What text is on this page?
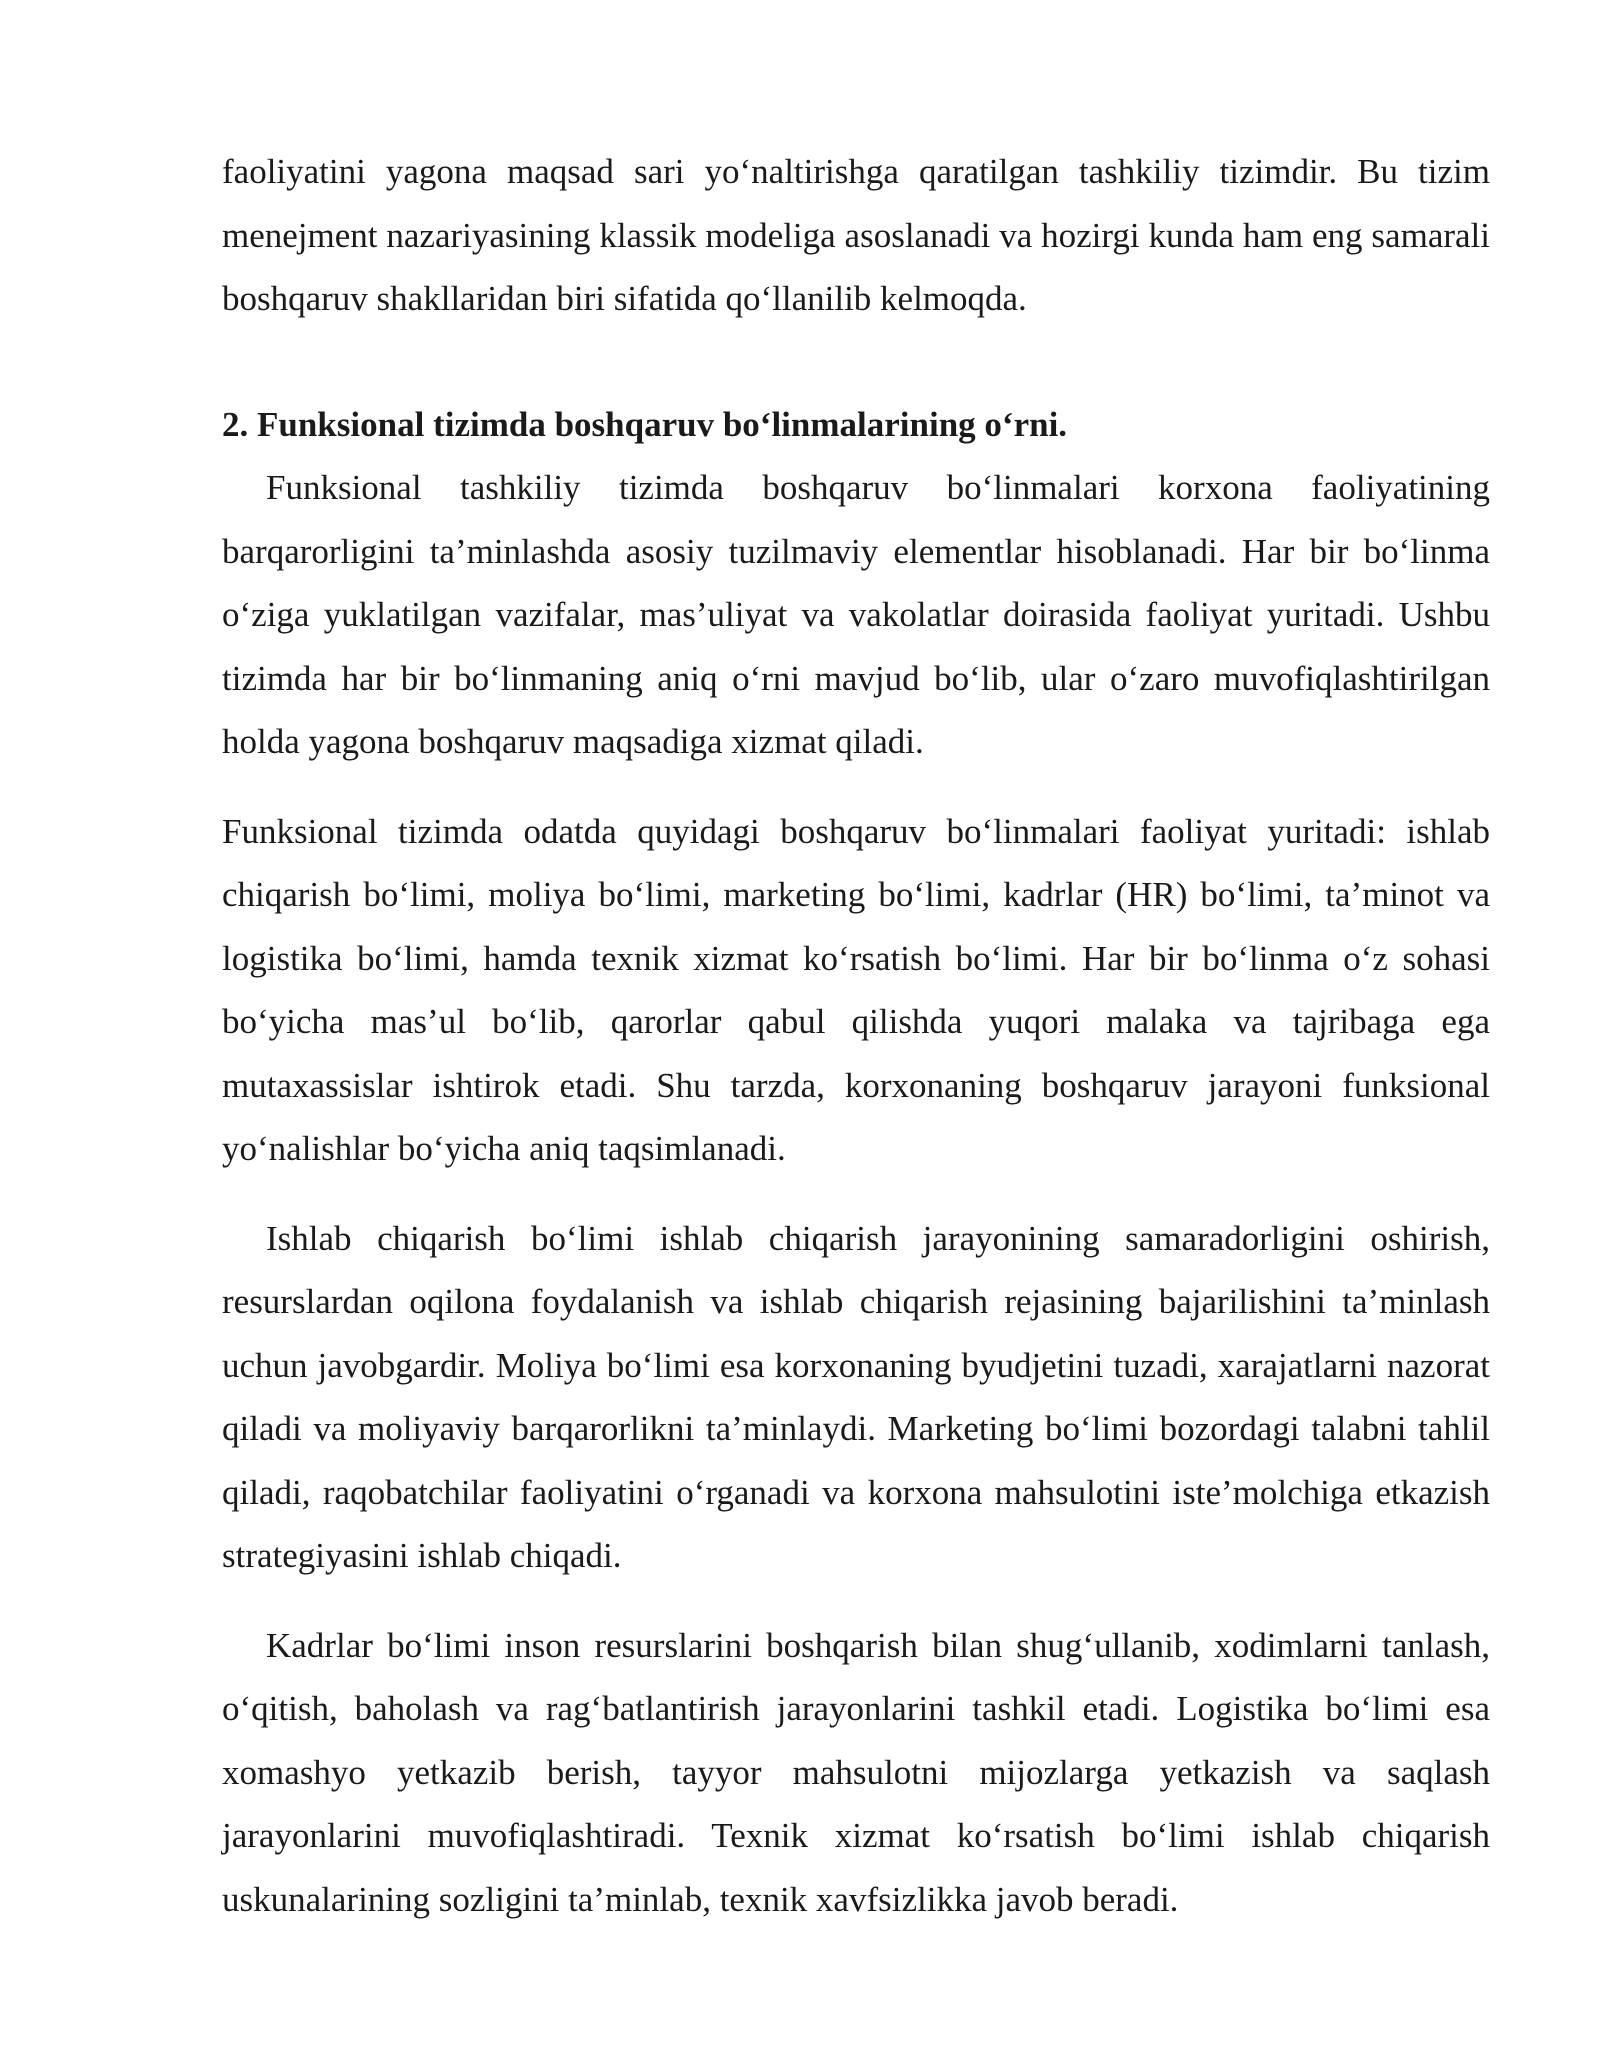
faoliyatini yagona maqsad sari yo‘naltirishga qaratilgan tashkiliy tizimdir. Bu tizim menejment nazariyasining klassik modeliga asoslanadi va hozirgi kunda ham eng samarali boshqaruv shakllaridan biri sifatida qo‘llanilib kelmoqda.

2. Funksional tizimda boshqaruv bo‘linmalarining o‘rni.

Funksional tashkiliy tizimda boshqaruv bo‘linmalari korxona faoliyatining barqarorligini ta’minlashda asosiy tuzilmaviy elementlar hisoblanadi. Har bir bo‘linma o‘ziga yuklatilgan vazifalar, mas’uliyat va vakolatlar doirasida faoliyat yuritadi. Ushbu tizimda har bir bo‘linmaning aniq o‘rni mavjud bo‘lib, ular o‘zaro muvofiqlashtirilgan holda yagona boshqaruv maqsadiga xizmat qiladi.

Funksional tizimda odatda quyidagi boshqaruv bo‘linmalari faoliyat yuritadi: ishlab chiqarish bo‘limi, moliya bo‘limi, marketing bo‘limi, kadrlar (HR) bo‘limi, ta’minot va logistika bo‘limi, hamda texnik xizmat ko‘rsatish bo‘limi. Har bir bo‘linma o‘z sohasi bo‘yicha mas’ul bo‘lib, qarorlar qabul qilishda yuqori malaka va tajribaga ega mutaxassislar ishtirok etadi. Shu tarzda, korxonaning boshqaruv jarayoni funksional yo‘nalishlar bo‘yicha aniq taqsimlanadi.

Ishlab chiqarish bo‘limi ishlab chiqarish jarayonining samaradorligini oshirish, resurslardan oqilona foydalanish va ishlab chiqarish rejasining bajarilishini ta’minlash uchun javobgardir. Moliya bo‘limi esa korxonaning byudjetini tuzadi, xarajatlarni nazorat qiladi va moliyaviy barqarorlikni ta’minlaydi. Marketing bo‘limi bozordagi talabni tahlil qiladi, raqobatchilar faoliyatini o‘rganadi va korxona mahsulotini iste’molchiga etkazish strategiyasini ishlab chiqadi.

Kadrlar bo‘limi inson resurslarini boshqarish bilan shug‘ullanib, xodimlarni tanlash, o‘qitish, baholash va rag‘batlantirish jarayonlarini tashkil etadi. Logistika bo‘limi esa xomashyo yetkazib berish, tayyor mahsulotni mijozlarga yetkazish va saqlash jarayonlarini muvofiqlashtiradi. Texnik xizmat ko‘rsatish bo‘limi ishlab chiqarish uskunalarining sozligini ta’minlab, texnik xavfsizlikka javob beradi.
